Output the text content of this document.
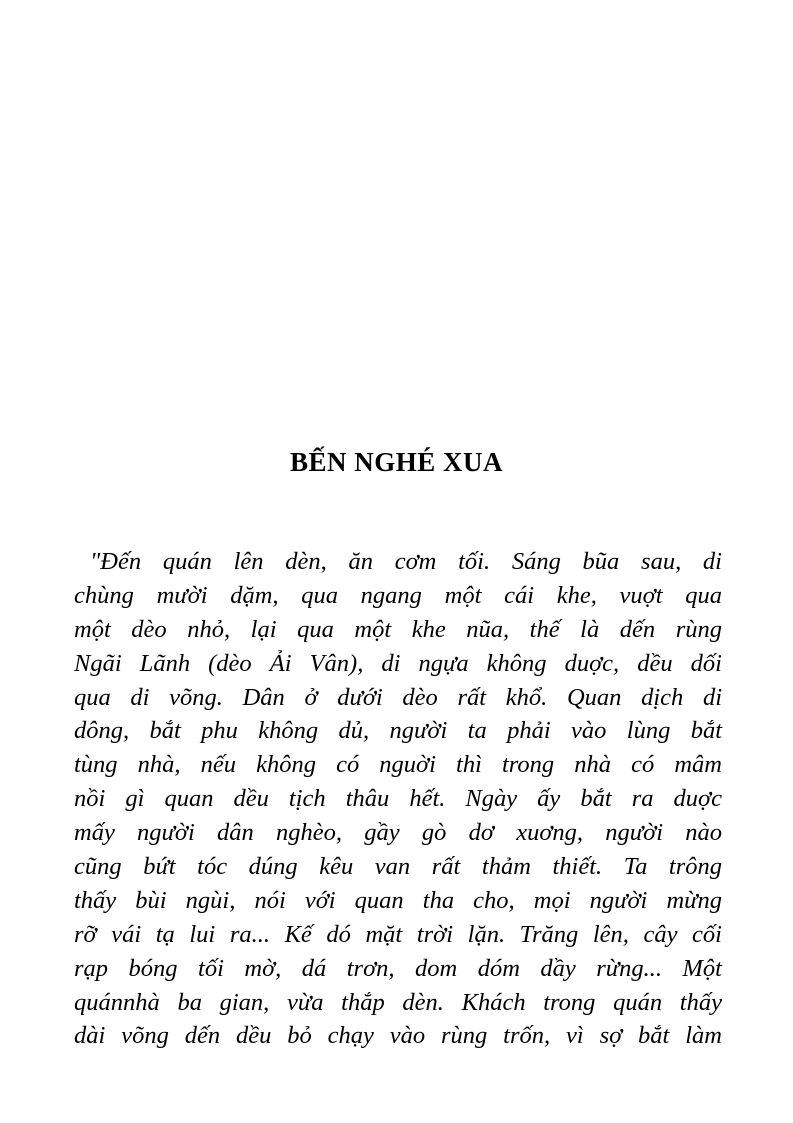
BẾN NGHÉ XUA
"Đến quán lên dèn, ăn cơm tối. Sáng bũa sau, di
chùng mười dặm, qua ngang một cái khe, vuợt qua
một dèo nhỏ, lại qua một khe nũa, thế là dến rùng
Ngãi Lãnh (dèo Ải Vân), di ngựa không duợc, dều dối
qua di võng. Dân ở dưới dèo rất khổ. Quan dịch di
dông, bắt phu không dủ, người ta phải vào lùng bắt
tùng nhà, nếu không có nguời thì trong nhà có mâm
nồi gì quan dều tịch thâu hết. Ngày ấy bắt ra duợc
mấy người dân nghèo, gầy gò dơ xuơng, người nào
cũng bứt tóc dúng kêu van rất thảm thiết. Ta trông
thấy bùi ngùi, nói với quan tha cho, mọi người mừng
rỡ vái tạ lui ra... Kế dó mặt trời lặn. Trăng lên, cây cối
rạp bóng tối mờ, dá trơn, dom dóm dầy rừng... Một
quánnhà ba gian, vừa thắp dèn. Khách trong quán thấy
dài võng dến dều bỏ chạy vào rùng trốn, vì sợ bắt làm
